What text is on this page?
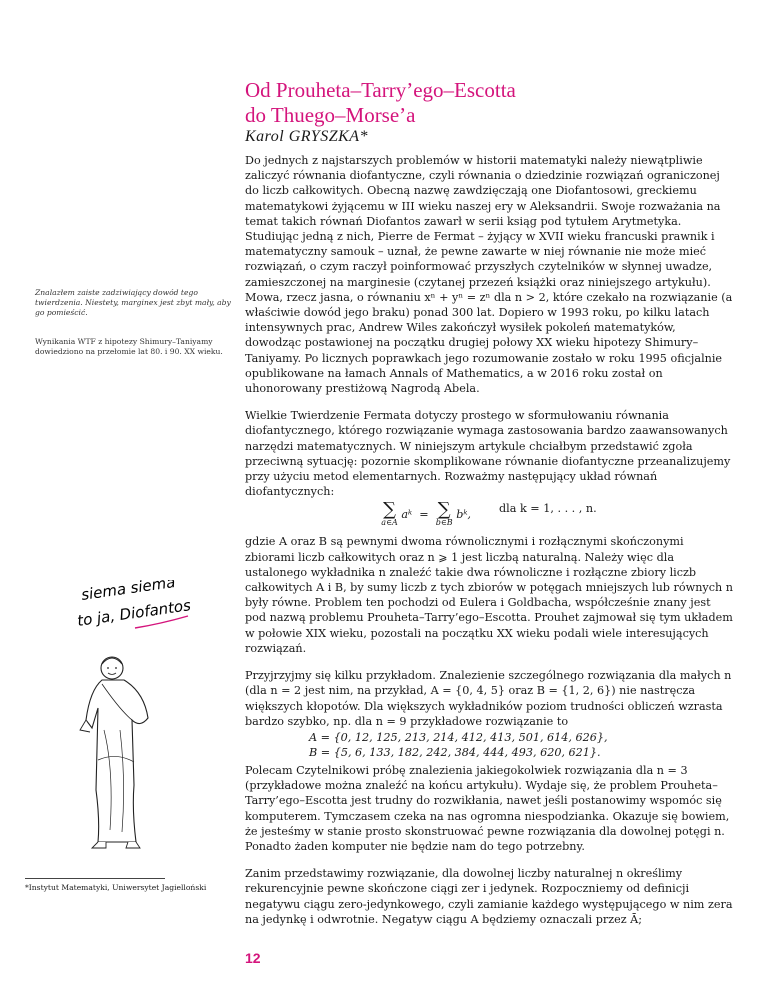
Od Prouheta–Tarry’ego–Escotta
do Thuego–Morse’a
Karol GRYSZKA*
Znalazłem zaiste zadziwiający dowód tego twierdzenia. Niestety, marginex jest zbyt mały, aby go pomieścić.
Wynikania WTF z hipotezy Shimury–Taniyamy dowiedziono na przełomie lat 80. i 90. XX wieku.
siema siema
to ja, Diofantos

Do jednych z najstarszych problemów w historii matematyki należy niewątpliwie zaliczyć równania diofantyczne, czyli równania o dziedzinie rozwiązań ograniczonej do liczb całkowitych. Obecną nazwę zawdzięczają one Diofantosowi, greckiemu matematykowi żyjącemu w III wieku naszej ery w Aleksandrii. Swoje rozważania na temat takich równań Diofantos zawarł w serii ksiąg pod tytułem Arytmetyka. Studiując jedną z nich, Pierre de Fermat – żyjący w XVII wieku francuski prawnik i matematyczny samouk – uznał, że pewne zawarte w niej równanie nie może mieć rozwiązań, o czym raczył poinformować przyszłych czytelników w słynnej uwadze, zamieszczonej na marginesie (czytanej przezeń książki oraz niniejszego artykułu). Mowa, rzecz jasna, o równaniu xⁿ + yⁿ = zⁿ dla n > 2, które czekało na rozwiązanie (a właściwie dowód jego braku) ponad 300 lat. Dopiero w 1993 roku, po kilku latach intensywnych prac, Andrew Wiles zakończył wysiłek pokoleń matematyków, dowodząc postawionej na początku drugiej połowy XX wieku hipotezy Shimury–Taniyamy. Po licznych poprawkach jego rozumowanie zostało w roku 1995 oficjalnie opublikowane na łamach Annals of Mathematics, a w 2016 roku został on uhonorowany prestiżową Nagrodą Abela.

Wielkie Twierdzenie Fermata dotyczy prostego w sformułowaniu równania diofantycznego, którego rozwiązanie wymaga zastosowania bardzo zaawansowanych narzędzi matematycznych. W niniejszym artykule chciałbym przedstawić zgoła przeciwną sytuację: pozornie skomplikowane równanie diofantyczne przeanalizujemy przy użyciu metod elementarnych. Rozważmy następujący układ równań diofantycznych:

∑
a∈A
aᵏ  = ∑
b∈B
bᵏ,	dla k = 1, . . . , n.

gdzie A oraz B są pewnymi dwoma równolicznymi i rozłącznymi skończonymi zbiorami liczb całkowitych oraz n ⩾ 1 jest liczbą naturalną. Należy więc dla ustalonego wykładnika n znaleźć takie dwa równoliczne i rozłączne zbiory liczb całkowitych A i B, by sumy liczb z tych zbiorów w potęgach mniejszych lub równych n były równe. Problem ten pochodzi od Eulera i Goldbacha, współcześnie znany jest pod nazwą problemu Prouheta–Tarry’ego–Escotta. Prouhet zajmował się tym układem w połowie XIX wieku, pozostali na początku XX wieku podali wiele interesujących rozwiązań.

Przyjrzyjmy się kilku przykładom. Znalezienie szczególnego rozwiązania dla małych n (dla n = 2 jest nim, na przykład, A = {0, 4, 5} oraz B = {1, 2, 6}) nie nastręcza większych kłopotów. Dla większych wykładników poziom trudności obliczeń wzrasta bardzo szybko, np. dla n = 9 przykładowe rozwiązanie to

A = {0, 12, 125, 213, 214, 412, 413, 501, 614, 626},
B = {5, 6, 133, 182, 242, 384, 444, 493, 620, 621}.

Polecam Czytelnikowi próbę znalezienia jakiegokolwiek rozwiązania dla n = 3 (przykładowe można znaleźć na końcu artykułu). Wydaje się, że problem Prouheta–Tarry’ego–Escotta jest trudny do rozwikłania, nawet jeśli postanowimy wspomóc się komputerem. Tymczasem czeka na nas ogromna niespodzianka. Okazuje się bowiem, że jesteśmy w stanie prosto skonstruować pewne rozwiązania dla dowolnej potęgi n. Ponadto żaden komputer nie będzie nam do tego potrzebny.

Zanim przedstawimy rozwiązanie, dla dowolnej liczby naturalnej n określimy rekurencyjnie pewne skończone ciągi zer i jedynek. Rozpoczniemy od definicji negatywu ciągu zero-jedynkowego, czyli zamianie każdego występującego w nim zera na jedynkę i odwrotnie. Negatyw ciągu A będziemy oznaczali przez Ā;

*Instytut Matematyki, Uniwersytet Jagielloński
12
